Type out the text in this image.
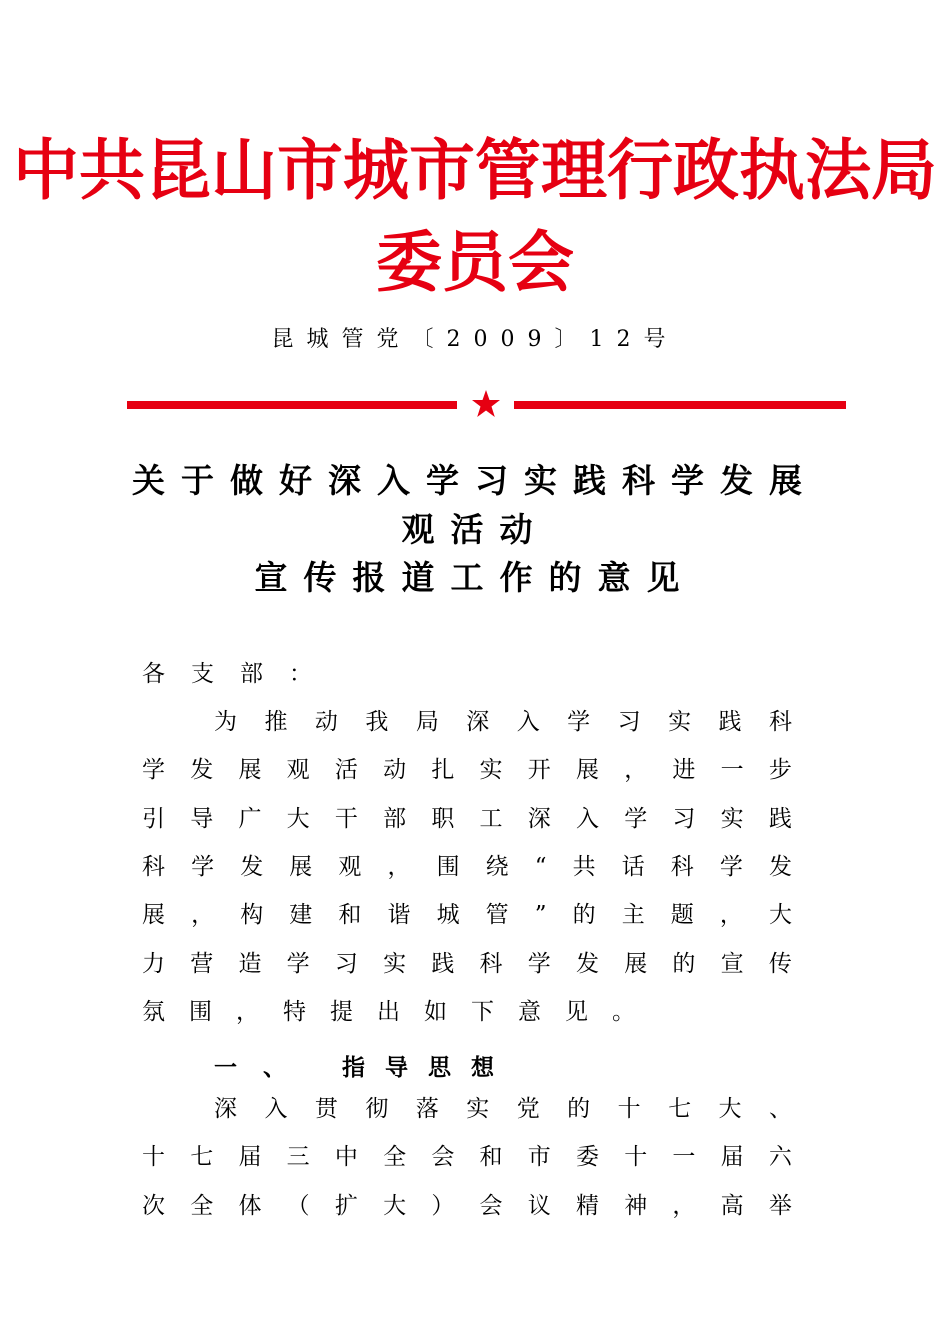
中共昆山市城市管理行政执法局
委员会
昆城管党〔2009〕12号
关于做好深入学习实践科学发展
观活动
宣传报道工作的意见
各 支 部 ：
为 推 动 我 局 深 入 学 习 实 践 科
学 发 展 观 活 动 扎 实 开 展 ， 进 一 步
引 导 广 大 干 部 职 工 深 入 学 习 实 践
科 学 发 展 观 ， 围 绕 “ 共 话 科 学 发
展 ， 构 建 和 谐 城 管 ” 的 主 题 ， 大
力 营 造 学 习 实 践 科 学 发 展 的 宣 传
氛 围 ， 特 提 出 如 下 意 见 。
一、 指导思想
深 入 贯 彻 落 实 党 的 十 七 大 、
十 七 届 三 中 全 会 和 市 委 十 一 届 六
次 全 体 （ 扩 大 ） 会 议 精 神 ， 高 举
